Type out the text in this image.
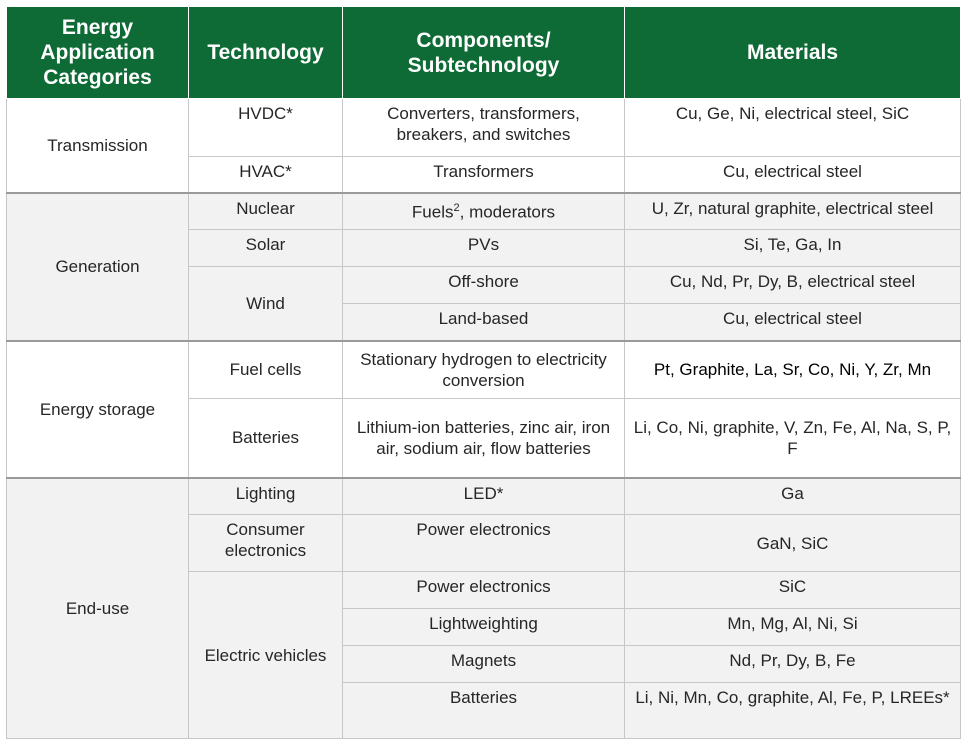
Energy Application Categories	Technology	Components/ Subtechnology	Materials
Transmission	HVDC*	Converters, transformers, breakers, and switches	Cu, Ge, Ni, electrical steel, SiC
	HVAC*	Transformers	Cu, electrical steel
Generation	Nuclear	Fuels$^2$, moderators	U, Zr, natural graphite, electrical steel
	Solar	PVs	Si, Te, Ga, In
	Wind	Off-shore	Cu, Nd, Pr, Dy, B, electrical steel
		Land-based	Cu, electrical steel
Energy storage	Fuel cells	Stationary hydrogen to electricity conversion	Pt, Graphite, La, Sr, Co, Ni, Y, Zr, Mn
	Batteries	Lithium-ion batteries, zinc air, iron air, sodium air, flow batteries	Li, Co, Ni, graphite, V, Zn, Fe, Al, Na, S, P, F
End-use	Lighting	LED*	Ga
	Consumer electronics	Power electronics	GaN, SiC
	Electric vehicles	Power electronics	SiC
		Lightweighting	Mn, Mg, Al, Ni, Si
		Magnets	Nd, Pr, Dy, B, Fe
		Batteries	Li, Ni, Mn, Co, graphite, Al, Fe, P, LREEs*
